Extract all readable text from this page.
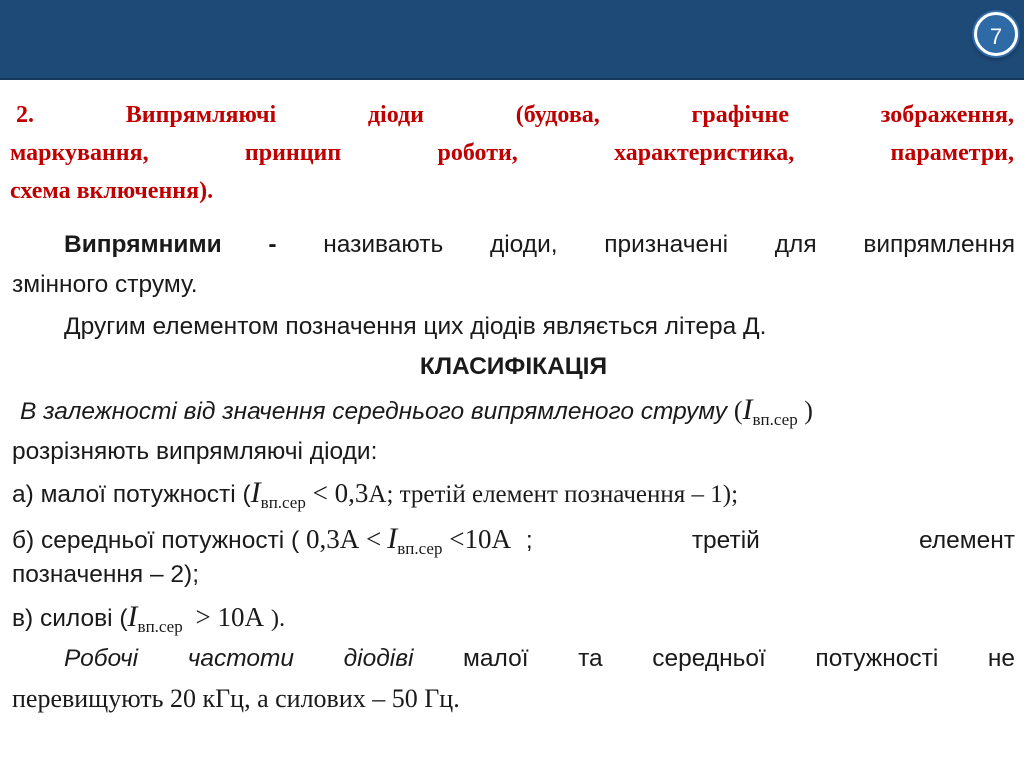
7
2.	Випрямляючі діоди (будова, графічне зображення,
маркування, принцип роботи, характеристика, параметри,
схема включення).
Випрямними - називають діоди, призначені для випрямлення
змінного струму.
Другим елементом позначення цих діодів являється літера Д.
КЛАСИФІКАЦІЯ
В залежності від значення середнього випрямленого струму ($I_{вп.сер}$ )
розрізняють випрямляючі діоди:
а) малої потужності ($I_{вп.сер} < 0,3А$; третій елемент позначення – 1);
б) середньої потужності ( $0,3А < I_{вп.сер} <10А$ ;	третій	елемент
позначення – 2);
в) силові ($I_{вп.сер} > 10А$ ).
Робочі частоти діодіві малої та середньої потужності не
перевищують 20 кГц, а силових – 50 Гц.
